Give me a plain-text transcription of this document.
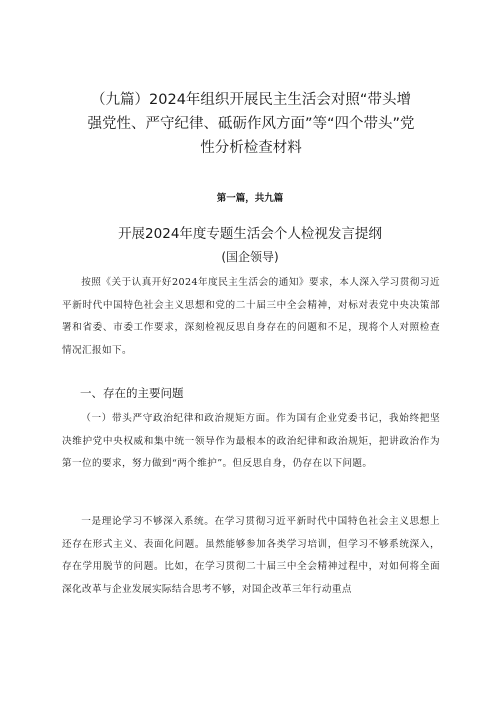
（九篇）2024年组织开展民主生活会对照“带头增强党性、严守纪律、砥砺作风方面”等“四个带头”党性分析检查材料
第一篇，共九篇
开展2024年度专题生活会个人检视发言提纲
(国企领导)
按照《关于认真开好2024年度民主生活会的通知》要求，本人深入学习贯彻习近平新时代中国特色社会主义思想和党的二十届三中全会精神，对标对表党中央决策部署和省委、市委工作要求，深刻检视反思自身存在的问题和不足，现将个人对照检查情况汇报如下。
一、存在的主要问题
（一）带头严守政治纪律和政治规矩方面。作为国有企业党委书记，我始终把坚决维护党中央权威和集中统一领导作为最根本的政治纪律和政治规矩，把讲政治作为第一位的要求，努力做到“两个维护”。但反思自身，仍存在以下问题。
一是理论学习不够深入系统。在学习贯彻习近平新时代中国特色社会主义思想上还存在形式主义、表面化问题。虽然能够参加各类学习培训，但学习不够系统深入，存在学用脱节的问题。比如，在学习贯彻二十届三中全会精神过程中，对如何将全面深化改革与企业发展实际结合思考不够，对国企改革三年行动重点
